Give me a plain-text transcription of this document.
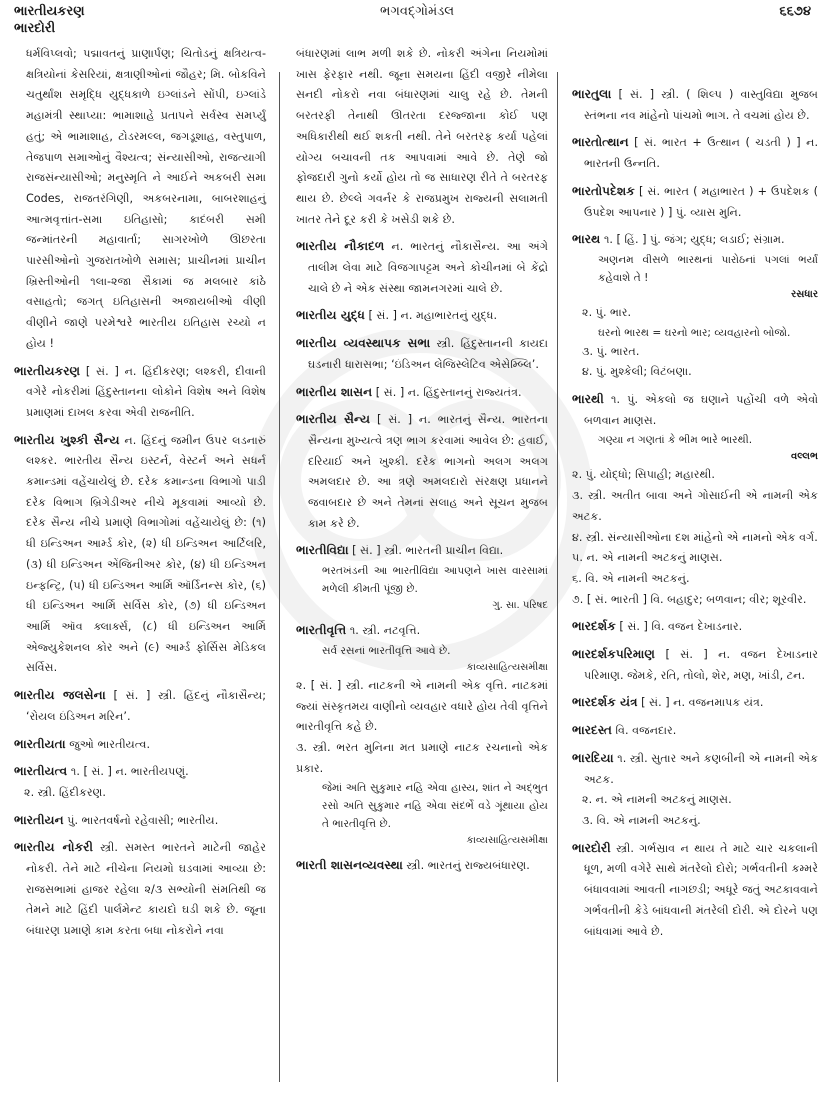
ભારતીયકરણ
ભારદોરી
ભગવદ્ગોમંડલ	૬૬૭૪

ધર્મવિપ્લવો; પદ્માવતનું પ્રાણાર્પણ; ચિતોડનું ક્ષત્રિયત્વ-ક્ષત્રિયોનાં કેસરિયાં, ક્ષત્રાણીઓનાં જૌહર; મિ. બોકવિને ચતુર્થાંશ સમૃદ્ધિ યુદ્ધકાળે ઇગ્લાંડને સોંપી, ઇગ્લાંડે મહામંત્રી સ્થાપ્યા: ભામાશાહે પ્રતાપને સર્વસ્વ સમર્પ્યું હતું; એ ભામાશાહ, ટોડરમલ્લ, જગડૂશાહ, વસ્તુપાળ, તેજપાળ સમાઓનું વૈશ્યત્વ; સંન્યાસીઓ, રાજત્યાગી રાજસંન્યાસીઓ; મનુસ્મૃતિ ને આઈને અકબરી સમા Codes, રાજતરંગિણી, અકબરનામા, બાબરશાહનું આત્મવૃત્તાંત-સમા ઇતિહાસો; કાદંબરી સમી જન્માંતરની મહાવાર્તા; સાગરખોળે ઊછરતા પારસીઓનો ગુજરાતખોળે સમાસ; પ્રાચીનમાં પ્રાચીન ખ્રિસ્તીઓની ૧લા-૨જા સૈકામાં જ મલબાર કાંઠે વસાહતો; જગત્ ઇતિહાસની અજાયબીઓ વીણી વીણીને જાણે પરમેશ્વરે ભારતીય ઇતિહાસ રચ્યો ન હોય !

ભારતીયકરણ [ સં. ] ન. હિંદીકરણ; લશ્કરી, દીવાની વગેરે નોકરીમાં હિંદુસ્તાનના લોકોને વિશેષ અને વિશેષ પ્રમાણમાં દાખલ કરવા એવી રાજનીતિ.

ભારતીય ખુશ્કી સૈન્ય ન. હિંદનું જમીન ઉપર લડનારું લશ્કર. ભારતીય સૈન્ય ઇસ્ટર્ન, વેસ્ટર્ન અને સધર્ન કમાન્ડમાં વહેંચાયેલું છે. દરેક કમાન્ડના વિભાગો પાડી દરેક વિભાગ બ્રિગેડીઅર નીચે મૂકવામાં આવ્યો છે. દરેક સૈન્ય નીચે પ્રમાણે વિભાગોમાં વહેંચાયેલું છે: (૧) ધી ઇન્ડિઅન આર્મ્ડ કોર, (૨) ધી ઇન્ડિઅન આર્ટિલરિ, (૩) ધી ઇન્ડિઅન એંજિનીઅર કોર, (૪) ધી ઇન્ડિઅન ઇન્ફન્ટ્રિ, (૫) ધી ઇન્ડિઅન આર્મિ ઑર્ડિનન્સ કોર, (૬) ધી ઇન્ડિઅન આર્મિ સર્વિસ કોર, (૭) ધી ઇન્ડિઅન આર્મિ ઑવ ક્લાર્ક્સ, (૮) ધી ઇન્ડિઅન આર્મિ એજ્યુકેશનલ કોર અને (૯) આર્મ્ડ ફોર્સિસ મેડિકલ સર્વિસ.

ભારતીય જલસેના [ સં. ] સ્ત્રી. હિંદનું નૌકાસૈન્ય; ‘રોયલ ઇંડિઅન મરિન’.

ભારતીયતા જુઓ ભારતીયત્વ.

ભારતીયત્વ ૧. [ સં. ] ન. ભારતીયપણું.

૨. સ્ત્રી. હિંદીકરણ.

ભારતીયન પું. ભારતવર્ષનો રહેવાસી; ભારતીય.

ભારતીય નોકરી સ્ત્રી. સમસ્ત ભારતને માટેની જાહેર નોકરી. તેને માટે નીચેના નિયમો ઘડવામાં આવ્યા છે: રાજસભામાં હાજર રહેલા ૨/૩ સભ્યોની સંમતિથી જ તેમને માટે હિંદી પાર્લમેન્ટ કાયદો ઘડી શકે છે. જૂના બંધારણ પ્રમાણે કામ કરતા બધા નોકરોને નવા

બંધારણમાં લાભ મળી શકે છે. નોકરી અંગેના નિયમોમાં ખાસ ફેરફાર નથી. જૂના સમયના હિંદી વજીરે નીમેલા સનદી નોકરો નવા બંધારણમાં ચાલુ રહે છે. તેમની બરતરફી તેનાથી ઊતરતા દરજ્જાના કોઈ પણ અધિકારીથી થઈ શકતી નથી. તેને બરતરફ કર્યા પહેલાં યોગ્ય બચાવની તક આપવામાં આવે છે. તેણે જો ફોજદારી ગુનો કર્યો હોય તો જ સાધારણ રીતે તે બરતરફ થાય છે. છેલ્લે ગવર્નર કે રાજપ્રમુખ રાજ્યની સલામતી ખાતર તેને દૂર કરી કે ખસેડી શકે છે.

ભારતીય નૌકાદળ ન. ભારતનું નૌકાસૈન્ય. આ અંગે તાલીમ લેવા માટે વિજગાપટ્ટમ અને કોચીનમાં બે કેંદ્રો ચાલે છે ને એક સંસ્થા જામનગરમાં ચાલે છે.

ભારતીય યુદ્ધ [ સં. ] ન. મહાભારતનું યુદ્ધ.

ભારતીય વ્યવસ્થાપક સભા સ્ત્રી. હિંદુસ્તાનની કાયદા ઘડનારી ધારાસભા; ‘ઇંડિઅન લેજિસ્લેટિવ એસેમ્બ્લિ’.

ભારતીય શાસન [ સં. ] ન. હિંદુસ્તાનનું રાજ્યતંત્ર.

ભારતીય સૈન્ય [ સં. ] ન. ભારતનું સૈન્ય. ભારતના સૈન્યના મુખ્યત્વે ત્રણ ભાગ કરવામાં આવેલ છે: હવાઈ, દરિયાઈ અને ખુશ્કી. દરેક ભાગનો અલગ અલગ અમલદાર છે. આ ત્રણે અમલદારો સંરક્ષણ પ્રધાનને જવાબદાર છે અને તેમનાં સલાહ અને સૂચન મુજબ કામ કરે છે.

ભારતીવિદ્યા [ સં. ] સ્ત્રી. ભારતની પ્રાચીન વિદ્યા.

ભરતખંડની આ ભારતીવિદ્યા આપણને ખાસ વારસામાં મળેલી કીમતી પૂંજી છે.

ગુ. સા. પરિષદ

ભારતીવૃત્તિ ૧. સ્ત્રી. નટવૃત્તિ.

સર્વ રસનાં ભારતીવૃત્તિ આવે છે.

કાવ્યસાહિત્યસમીક્ષા

૨. [ સં. ] સ્ત્રી. નાટકની એ નામની એક વૃત્તિ. નાટકમાં જ્યાં સંસ્કૃતમય વાણીનો વ્યવહાર વધારે હોય તેવી વૃત્તિને ભારતીવૃત્તિ કહે છે.

૩. સ્ત્રી. ભરત મુનિના મત પ્રમાણે નાટક રચનાનો એક પ્રકાર.

જેમાં અતિ સુકુમાર નહિ એવા હાસ્ય, શાંત ને અદ્ભુત રસો અતિ સુકુમાર નહિ એવા સંદર્ભે વડે ગૂંથાયા હોય તે ભારતીવૃત્તિ છે.

કાવ્યસાહિત્યસમીક્ષા

ભારતી શાસનવ્યવસ્થા સ્ત્રી. ભારતનું રાજ્યબંધારણ.

ભારતુલા [ સં. ] સ્ત્રી. ( શિલ્પ ) વાસ્તુવિદ્યા મુજબ સ્તંભના નવ માંહેનો પાંચમો ભાગ. તે વચમાં હોય છે.

ભારતોત્થાન [ સં. ભારત + ઉત્થાન ( ચડતી ) ] ન. ભારતની ઉન્નતિ.

ભારતોપદેશક [ સં. ભારત ( મહાભારત ) + ઉપદેશક ( ઉપદેશ આપનાર ) ] પું. વ્યાસ મુનિ.

ભારથ ૧. [ હિં. ] પું. જંગ; યુદ્ધ; લડાઈ; સંગ્રામ.

અણનમ વીસળે ભારથનાં પારોઠનાં પગલાં ભર્યાં કહેવાશે તે !

રસધાર

૨. પું. ભાર.

ઘરનો ભારથ = ઘરનો ભાર; વ્યવહારનો બોજો.

૩. પું. ભારત.

૪. પું. મુશ્કેલી; વિટંબણા.

ભારથી ૧. પું. એકલો જ ઘણાને પહોંચી વળે એવો બળવાન માણસ.

ગણ્યા ન ગણતાં કે ભીમ ભારે ભારથી.

વલ્લભ

૨. પું. યોદ્ધો; સિપાહી; મહારથી.

૩. સ્ત્રી. અતીત બાવા અને ગોસાઈની એ નામની એક અટક.

૪. સ્ત્રી. સંન્યાસીઓના દશ માંહેનો એ નામનો એક વર્ગ.

૫. ન. એ નામની અટકનું માણસ.

૬. વિ. એ નામની અટકનું.

૭. [ સં. ભારતી ] વિ. બહાદુર; બળવાન; વીર; શૂરવીર.

ભારદર્શક [ સં. ] વિ. વજન દેખાડનાર.

ભારદર્શકપરિમાણ [ સં. ] ન. વજન દેખાડનાર પરિમાણ. જેમકે, રતિ, તોલો, શેર, મણ, ખાંડી, ટન.

ભારદર્શક યંત્ર [ સં. ] ન. વજનમાપક યંત્ર.

ભારદસ્ત વિ. વજનદાર.

ભારદિયા ૧. સ્ત્રી. સુતાર અને કણબીની એ નામની એક અટક.

૨. ન. એ નામની અટકનું માણસ.

૩. વિ. એ નામની અટકનું.

ભારદોરી સ્ત્રી. ગર્ભસ્રાવ ન થાય તે માટે ચાર ચકલાની ધૂળ, મળી વગેરે સાથે મંતરેલો દોરો; ગર્ભવતીની કમ્મરે બંધાવવામાં આવતી નાગછડી; અધૂરે જતું અટકાવવાને ગર્ભવતીની કેડે બાંધવાની મંતરેલી દોરી. એ દોરને પણ બાંધવામાં આવે છે.
